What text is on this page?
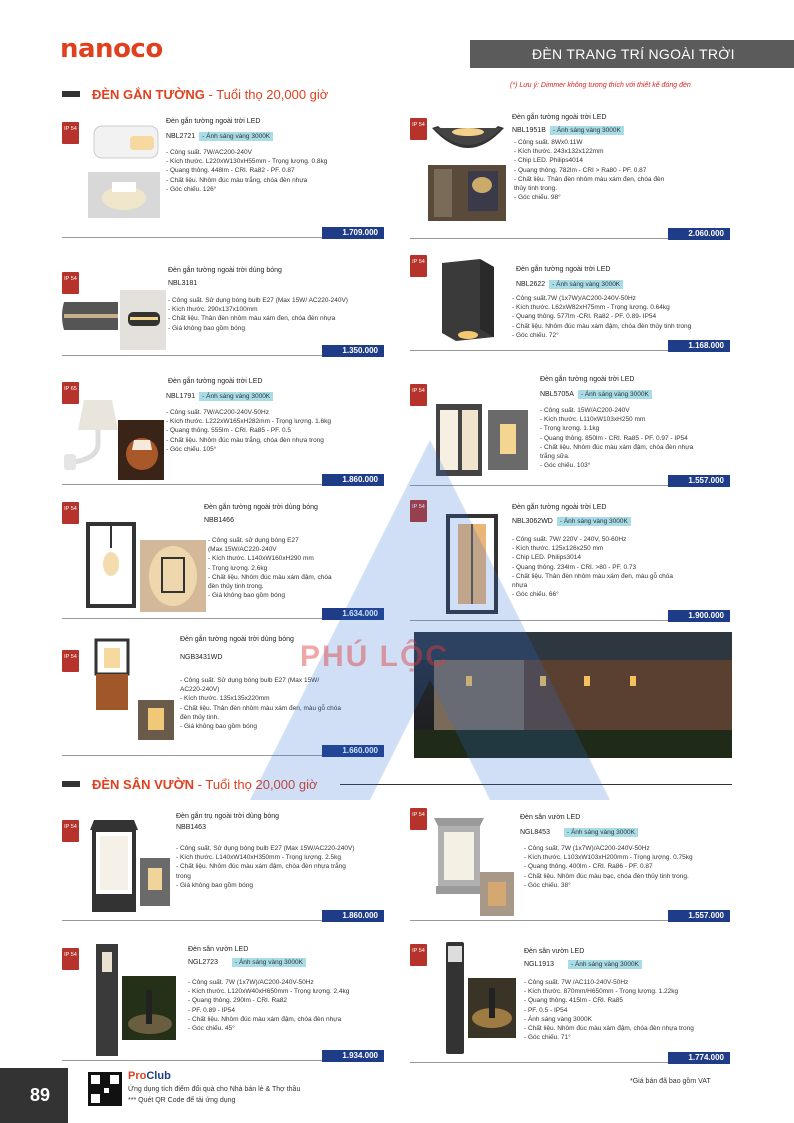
nanoco	ĐÈN TRANG TRÍ NGOÀI TRỜI
ĐÈN GẮN TƯỜNG - Tuổi thọ 20,000 giờ
(*) Lưu ý: Dimmer không tương thích với thiết kế đóng đèn
IP 54
Đèn gắn tường ngoài trời LED
NBL2721	- Ánh sáng vàng 3000K
- Công suất. 7W/AC200-240V
- Kích thước. L220xW130xH55mm - Trọng lượng. 0.8kg
- Quang thông. 448lm - CRI. Ra82 - PF. 0.87
- Chất liệu. Nhôm đúc màu trắng, chóa đèn nhựa
- Góc chiếu. 126°
1.709.000
IP 54
Đèn gắn tường ngoài trời LED
NBL1951B	- Ánh sáng vàng 3000K
- Công suất. 8Wx0.11W
- Kích thước. 243x132x122mm
- Chip LED. Philips4014
- Quang thông. 782lm - CRI > Ra80 - PF. 0.87
- Chất liệu. Thân đèn nhôm màu xám đen, chóa đèn
thủy tinh trong.
- Góc chiếu. 98°
2.060.000
IP 54
Đèn gắn tường ngoài trời dùng bóng
NBL3181
- Công suất. Sử dụng bóng bulb E27 (Max 15W/ AC220-240V)
- Kích thước. 290x137x100mm
- Chất liệu. Thân đèn nhôm màu xám đen, chóa đèn nhựa
- Giá không bao gồm bóng
1.350.000
IP 54
Đèn gắn tường ngoài trời LED
NBL2622	- Ánh sáng vàng 3000K
- Công suất.7W (1x7W)/AC200-240V-50Hz
- Kích thước. L62xW82xH75mm - Trọng lượng. 0.64kg
- Quang thông. 577lm -CRI. Ra82 - PF. 0.89- IP54
- Chất liệu. Nhôm đúc màu xám đậm, chóa đèn thủy tinh trong
- Góc chiếu. 72°
1.168.000
IP 65
Đèn gắn tường ngoài trời LED
NBL1791	- Ánh sáng vàng 3000K
- Công suất. 7W/AC200-240V-50Hz
- Kích thước. L222xW165xH282mm - Trọng lượng. 1.6kg
- Quang thông. 555lm - CRI. Ra85 - PF. 0.5
- Chất liệu. Nhôm đúc màu trắng, chóa đèn nhựa trong
- Góc chiếu. 105°
1.860.000
IP 54
Đèn gắn tường ngoài trời LED
NBL5705A	- Ánh sáng vàng 3000K
- Công suất. 15W/AC200-240V
- Kích thước. L110xW103xH250 mm
- Trọng lượng. 1.1kg
- Quang thông. 850lm - CRI. Ra85 - PF. 0.97 - IP54
- Chất liệu. Nhôm đúc màu xám đậm, chóa đèn nhựa
trắng sữa.
- Góc chiếu. 103°
1.557.000
IP 54	Đèn gắn tường ngoài trời dùng bóng
NBB1466
- Công suất. sử dụng bóng E27
(Max 15W/AC220-240V
- Kích thước. L140xW160xH290 mm
- Trọng lượng. 2.6kg
- Chất liệu. Nhôm đúc màu xám đậm, chóa
đèn thủy tinh trong.
- Giá không bao gồm bóng
1.634.000
IP 54	Đèn gắn tường ngoài trời LED
NBL3062WD	- Ánh sáng vàng 3000K
- Công suất. 7W/ 220V - 240V, 50-60Hz
- Kích thước. 125x126x250 mm
- Chip LED. Philips3014
- Quang thông. 234lm - CRI. >80 - PF. 0.73
- Chất liệu. Thân đèn nhôm màu xám đen, màu gỗ chóa
nhựa
- Góc chiếu. 66°
1.900.000
IP 54
Đèn gắn tường ngoài trời dùng bóng
NGB3431WD
- Công suất. Sử dụng bóng bulb E27 (Max 15W/
AC220-240V)
- Kích thước. 135x135x220mm
- Chất liệu. Thân đèn nhôm màu xám đen, màu gỗ chóa
đèn thủy tinh.
- Giá không bao gồm bóng
1.660.000
ĐÈN SÂN VƯỜN - Tuổi thọ 20,000 giờ
IP 54
Đèn gắn trụ ngoài trời dùng bóng
NBB1463
- Công suất. Sử dụng bóng bulb E27 (Max 15W/AC220-240V)
- Kích thước. L140xW140xH350mm - Trọng lượng. 2.5kg
- Chất liệu. Nhôm đúc màu xám đậm, chóa đèn nhựa trắng
trong
- Giá không bao gồm bóng
1.860.000
IP 54	Đèn sân vườn LED
NGL8453	- Ánh sáng vàng 3000K
- Công suất. 7W (1x7W)/AC200-240V-50Hz
- Kích thước. L103xW103xH200mm - Trọng lượng. 0.75kg
- Quang thông. 400lm - CRI. Ra86 - PF. 0.87
- Chất liệu. Nhôm đúc màu bạc, chóa đèn thủy tinh trong.
- Góc chiếu. 38°
1.557.000
IP 54
Đèn sân vườn LED
NGL2723	- Ánh sáng vàng 3000K
- Công suất. 7W (1x7W)/AC200-240V-50Hz
- Kích thước. L120xW40xH650mm - Trọng lượng. 2.4kg
- Quang thông. 290lm - CRI. Ra82
- PF. 0.89 - IP54
- Chất liệu. Nhôm đúc màu xám đậm, chóa đèn nhựa
- Góc chiếu. 45°
1.934.000
IP 54	Đèn sân vườn LED
NGL1913	- Ánh sáng vàng 3000K
- Công suất. 7W /AC110-240V-50Hz
- Kích thước. 870mm/H650mm - Trọng lượng. 1.22kg
- Quang thông. 415lm - CRI. Ra85
- PF. 0.5 - IP54
- Ánh sáng vàng 3000K
- Chất liệu. Nhôm đúc màu xám đậm, chóa đèn nhựa trong
- Góc chiếu. 71°
1.774.000
PHÚ LỘC
89
ProClub
Ứng dụng tích điểm đổi quà cho Nhà bán lẻ & Thợ thầu
*** Quét QR Code để tải ứng dụng
*Giá bán đã bao gồm VAT
